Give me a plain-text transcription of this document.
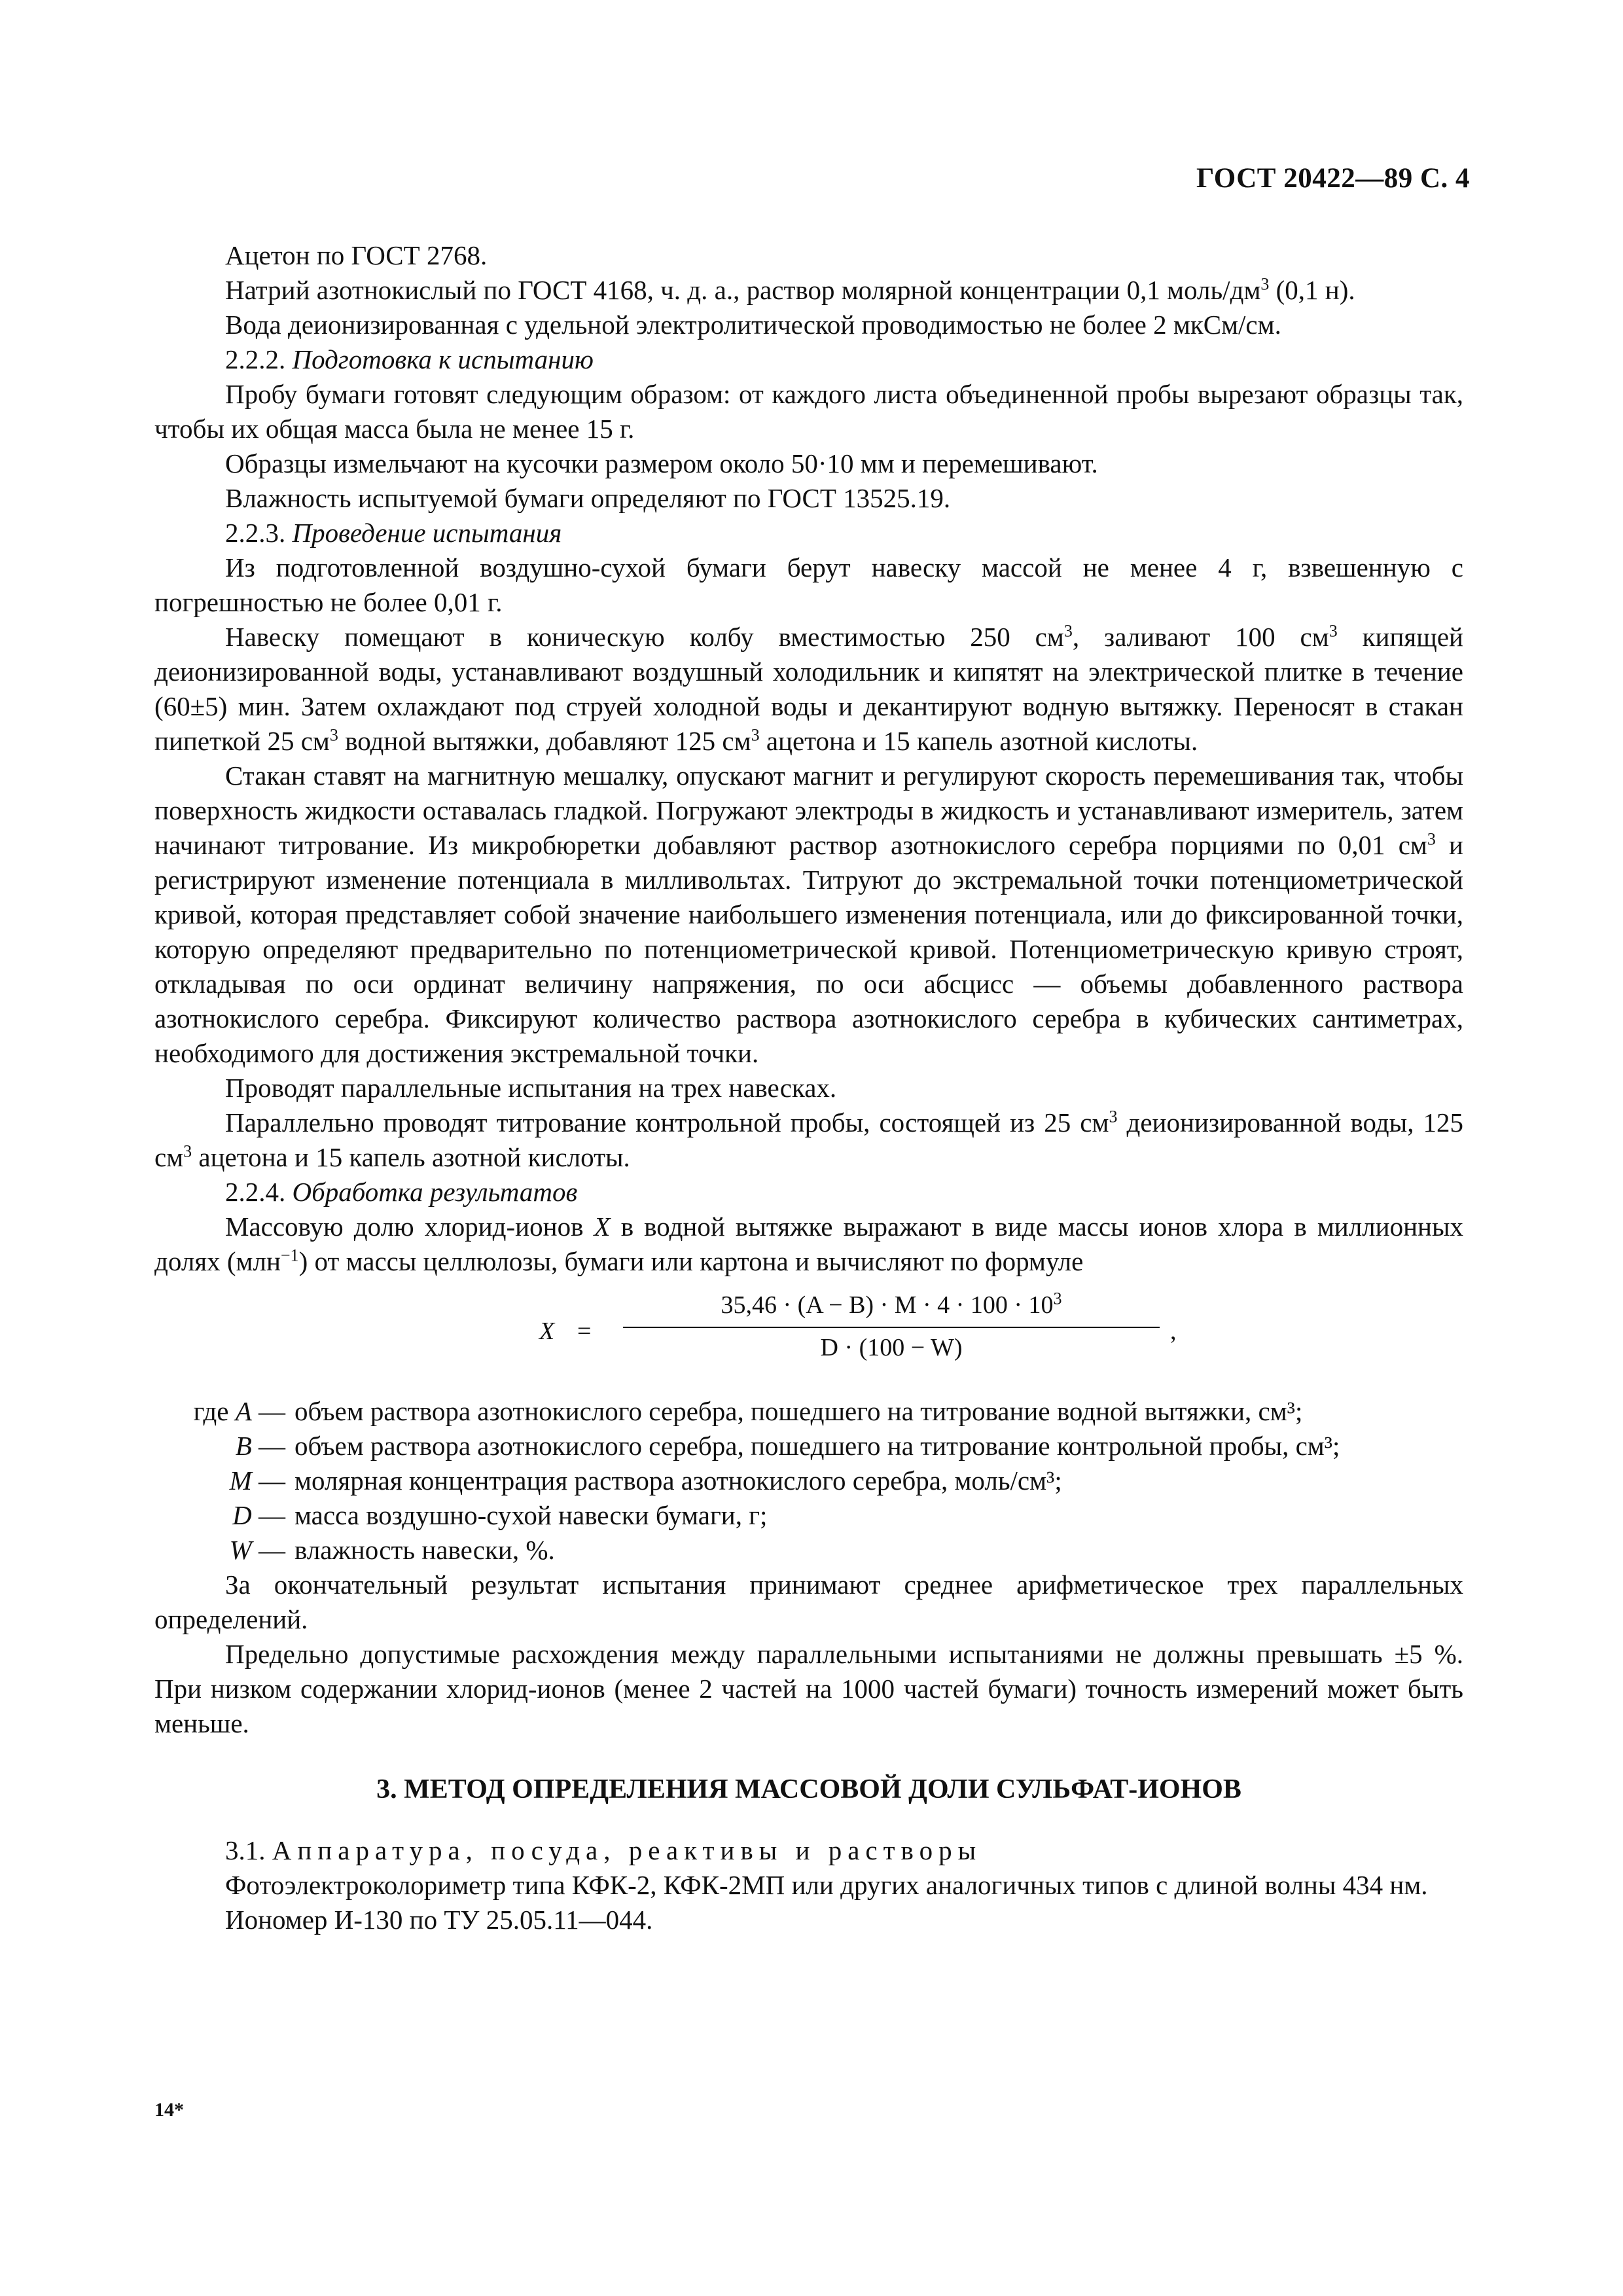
ГОСТ 20422—89 С. 4

Ацетон по ГОСТ 2768.

Натрий азотнокислый по ГОСТ 4168, ч. д. а., раствор молярной концентрации 0,1 моль/$дм^3$ (0,1 н).

Вода деионизированная с удельной электролитической проводимостью не более 2 мкСм/см.

2.2.2. Подготовка к испытанию

Пробу бумаги готовят следующим образом: от каждого листа объединенной пробы вырезают образцы так, чтобы их общая масса была не менее 15 г.

Образцы измельчают на кусочки размером около 50·10 мм и перемешивают.

Влажность испытуемой бумаги определяют по ГОСТ 13525.19.

2.2.3. Проведение испытания

Из подготовленной воздушно-сухой бумаги берут навеску массой не менее 4 г, взвешенную с погрешностью не более 0,01 г.

Навеску помещают в коническую колбу вместимостью 250 $см^3$, заливают 100 $см^3$ кипящей деионизированной воды, устанавливают воздушный холодильник и кипятят на электрической плитке в течение (60±5) мин. Затем охлаждают под струей холодной воды и декантируют водную вытяжку. Переносят в стакан пипеткой 25 $см^3$ водной вытяжки, добавляют 125 $см^3$ ацетона и 15 капель азотной кислоты.

Стакан ставят на магнитную мешалку, опускают магнит и регулируют скорость перемешивания так, чтобы поверхность жидкости оставалась гладкой. Погружают электроды в жидкость и устанавливают измеритель, затем начинают титрование. Из микробюретки добавляют раствор азотнокислого серебра порциями по 0,01 $см^3$ и регистрируют изменение потенциала в милливольтах. Титруют до экстремальной точки потенциометрической кривой, которая представляет собой значение наибольшего изменения потенциала, или до фиксированной точки, которую определяют предварительно по потенциометрической кривой. Потенциометрическую кривую строят, откладывая по оси ординат величину напряжения, по оси абсцисс — объемы добавленного раствора азотнокислого серебра. Фиксируют количество раствора азотнокислого серебра в кубических сантиметрах, необходимого для достижения экстремальной точки.

Проводят параллельные испытания на трех навесках.

Параллельно проводят титрование контрольной пробы, состоящей из 25 $см^3$ деионизированной воды, 125 $см^3$ ацетона и 15 капель азотной кислоты.

2.2.4. Обработка результатов

Массовую долю хлорид-ионов X в водной вытяжке выражают в виде массы ионов хлора в миллионных долях (млн$^{-1}$) от массы целлюлозы, бумаги или картона и вычисляют по формуле

$X = \frac{35,46 \cdot (A - B) \cdot M \cdot 4 \cdot 100 \cdot 10^3}{D \cdot (100 - W)}$ ,
где A — объем раствора азотнокислого серебра, пошедшего на титрование водной вытяжки, см³;
B — объем раствора азотнокислого серебра, пошедшего на титрование контрольной пробы, см³;
M — молярная концентрация раствора азотнокислого серебра, моль/см³;
D — масса воздушно-сухой навески бумаги, г;
W — влажность навески, %.

За окончательный результат испытания принимают среднее арифметическое трех параллельных определений.

Предельно допустимые расхождения между параллельными испытаниями не должны превышать ±5 %. При низком содержании хлорид-ионов (менее 2 частей на 1000 частей бумаги) точность измерений может быть меньше.

3. МЕТОД ОПРЕДЕЛЕНИЯ МАССОВОЙ ДОЛИ СУЛЬФАТ-ИОНОВ

3.1. Аппаратура, посуда, реактивы и растворы

Фотоэлектроколориметр типа КФК-2, КФК-2МП или других аналогичных типов с длиной волны 434 нм.

Иономер И-130 по ТУ 25.05.11—044.

14*
